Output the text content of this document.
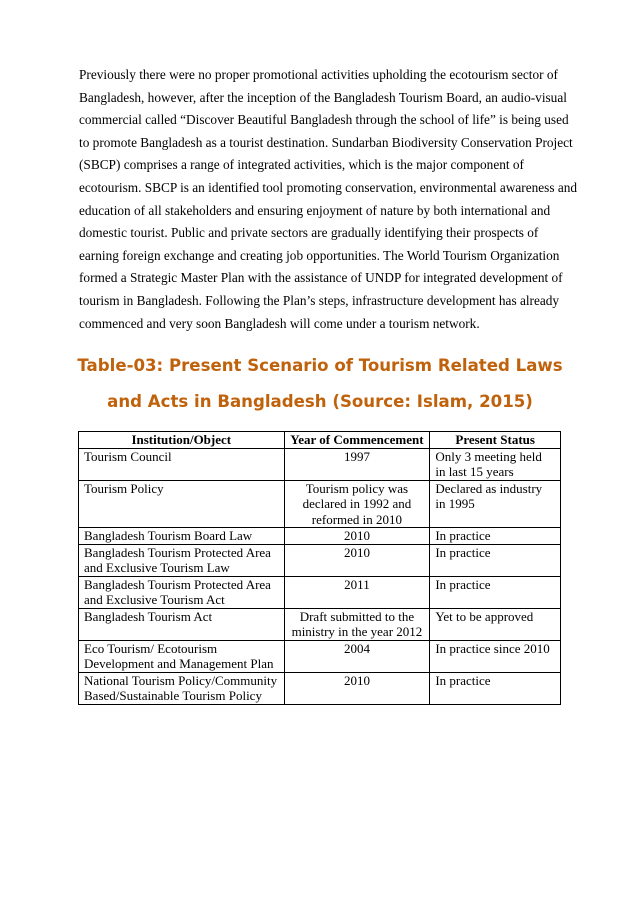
Previously there were no proper promotional activities upholding the ecotourism sector of
Bangladesh, however, after the inception of the Bangladesh Tourism Board, an audio-visual
commercial called “Discover Beautiful Bangladesh through the school of life” is being used
to promote Bangladesh as a tourist destination. Sundarban Biodiversity Conservation Project
(SBCP) comprises a range of integrated activities, which is the major component of
ecotourism. SBCP is an identified tool promoting conservation, environmental awareness and
education of all stakeholders and ensuring enjoyment of nature by both international and
domestic tourist. Public and private sectors are gradually identifying their prospects of
earning foreign exchange and creating job opportunities. The World Tourism Organization
formed a Strategic Master Plan with the assistance of UNDP for integrated development of
tourism in Bangladesh. Following the Plan’s steps, infrastructure development has already
commenced and very soon Bangladesh will come under a tourism network.

Table-03: Present Scenario of Tourism Related Laws
and Acts in Bangladesh (Source: Islam, 2015)
Institution/Object	Year of Commencement	Present Status
Tourism Council	1997	Only 3 meeting held in last 15 years
Tourism Policy	Tourism policy was declared in 1992 and reformed in 2010	Declared as industry in 1995
Bangladesh Tourism Board Law	2010	In practice
Bangladesh Tourism Protected Area and Exclusive Tourism Law	2010	In practice
Bangladesh Tourism Protected Area and Exclusive Tourism Act	2011	In practice
Bangladesh Tourism Act	Draft submitted to the ministry in the year 2012	Yet to be approved
Eco Tourism/ Ecotourism Development and Management Plan	2004	In practice since 2010
National Tourism Policy/Community Based/Sustainable Tourism Policy	2010	In practice
